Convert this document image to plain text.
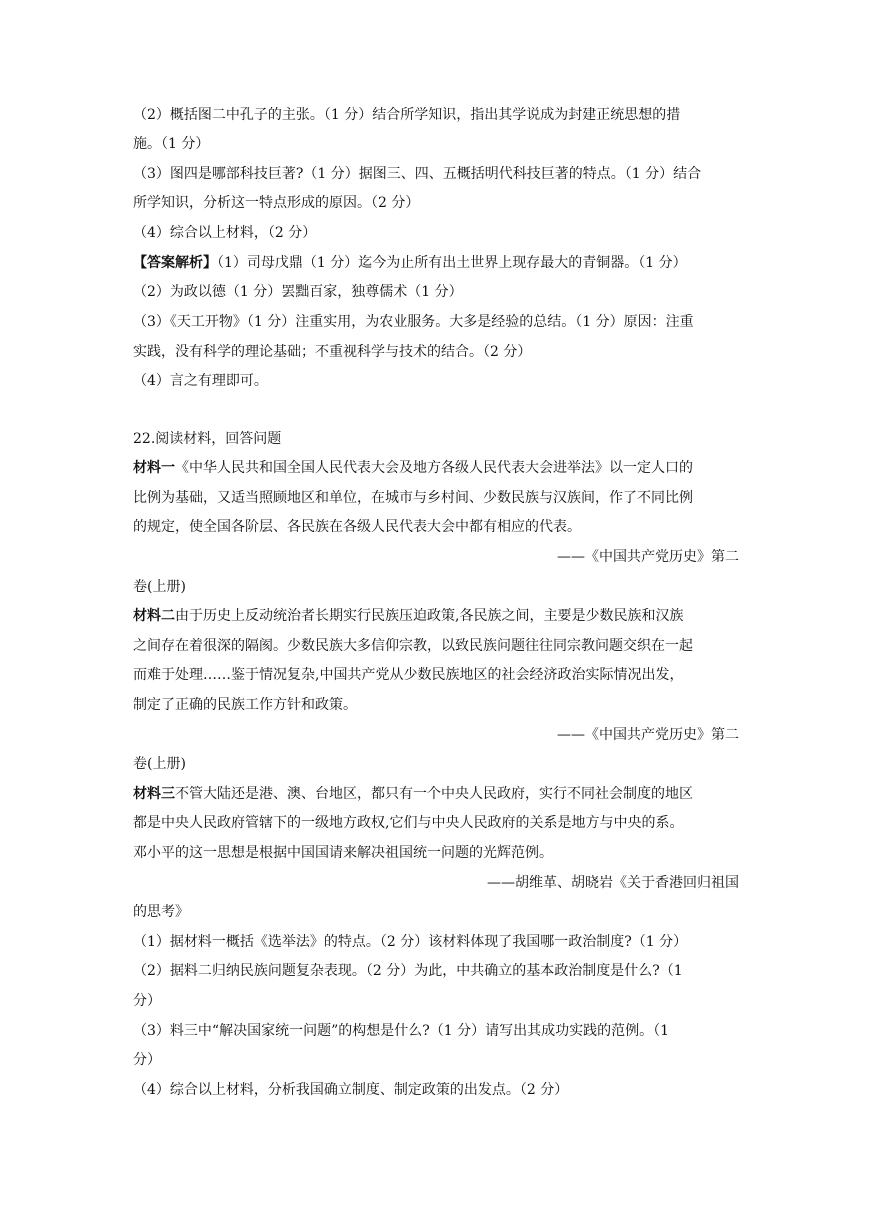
（2）概括图二中孔子的主张。（1 分）结合所学知识，指出其学说成为封建正统思想的措
施。（1 分）
（3）图四是哪部科技巨著?（1 分）据图三、四、五概括明代科技巨著的特点。（1 分）结合
所学知识，分析这一特点形成的原因。（2 分）
（4）综合以上材料，（2 分）
【答案解析】（1）司母戊鼎（1 分）迄今为止所有出土世界上现存最大的青铜器。（1 分）
（2）为政以德（1 分）罢黜百家，独尊儒术（1 分）
（3）《天工开物》（1 分）注重实用，为农业服务。大多是经验的总结。（1 分）原因：注重
实践，没有科学的理论基础；不重视科学与技术的结合。（2 分）
（4）言之有理即可。
22.阅读材料，回答问题
材料一《中华人民共和国全国人民代表大会及地方各级人民代表大会进举法》以一定人口的
比例为基础，又适当照顾地区和单位，在城市与乡村间、少数民族与汉族间，作了不同比例
的规定，使全国各阶层、各民族在各级人民代表大会中都有相应的代表。
——《中国共产党历史》第二
卷(上册)
材料二由于历史上反动统治者长期实行民族压迫政策,各民族之间，主要是少数民族和汉族
之间存在着很深的隔阂。少数民族大多信仰宗教，以致民族问题往往同宗教问题交织在一起
而难于处理……鉴于情况复杂,中国共产党从少数民族地区的社会经济政治实际情况出发，
制定了正确的民族工作方针和政策。
——《中国共产党历史》第二
卷(上册)
材料三不管大陆还是港、澳、台地区，都只有一个中央人民政府，实行不同社会制度的地区
都是中央人民政府管辖下的一级地方政权,它们与中央人民政府的关系是地方与中央的系。
邓小平的这一思想是根据中国国请来解决祖国统一问题的光辉范例。
——胡维革、胡晓岩《关于香港回归祖国
的思考》
（1）据材料一概括《选举法》的特点。（2 分）该材料体现了我国哪一政治制度?（1 分）
（2）据料二归纳民族问题复杂表现。（2 分）为此，中共确立的基本政治制度是什么?（1
分）
（3）料三中“解决国家统一问题”的构想是什么?（1 分）请写出其成功实践的范例。（1
分）
（4）综合以上材料，分析我国确立制度、制定政策的出发点。（2 分）
